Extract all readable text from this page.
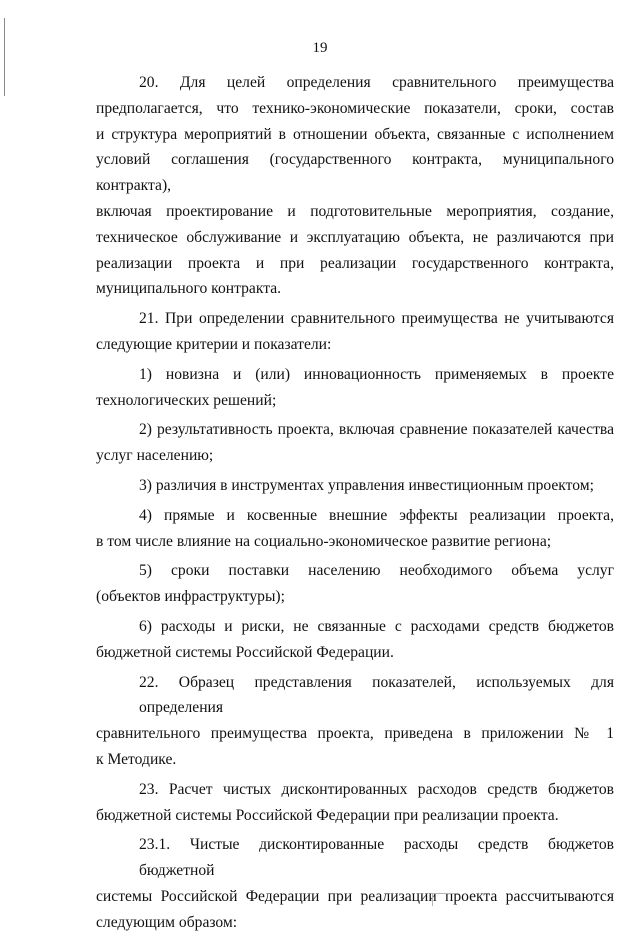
19

20. Для целей определения сравнительного преимущества
предполагается, что технико-экономические показатели, сроки, состав
и структура мероприятий в отношении объекта, связанные с исполнением
условий соглашения (государственного контракта, муниципального контракта),
включая проектирование и подготовительные мероприятия, создание,
техническое обслуживание и эксплуатацию объекта, не различаются при
реализации проекта и при реализации государственного контракта,
муниципального контракта.

21. При определении сравнительного преимущества не учитываются
следующие критерии и показатели:

1) новизна и (или) инновационность применяемых в проекте
технологических решений;

2) результативность проекта, включая сравнение показателей качества
услуг населению;

3) различия в инструментах управления инвестиционным проектом;

4) прямые и косвенные внешние эффекты реализации проекта,
в том числе влияние на социально-экономическое развитие региона;

5) сроки поставки населению необходимого объема услуг
(объектов инфраструктуры);

6) расходы и риски, не связанные с расходами средств бюджетов
бюджетной системы Российской Федерации.

22. Образец представления показателей, используемых для определения
сравнительного преимущества проекта, приведена в приложении № 1
к Методике.

23. Расчет чистых дисконтированных расходов средств бюджетов
бюджетной системы Российской Федерации при реализации проекта.

23.1. Чистые дисконтированные расходы средств бюджетов бюджетной
системы Российской Федерации при реализации проекта рассчитываются
следующим образом:
